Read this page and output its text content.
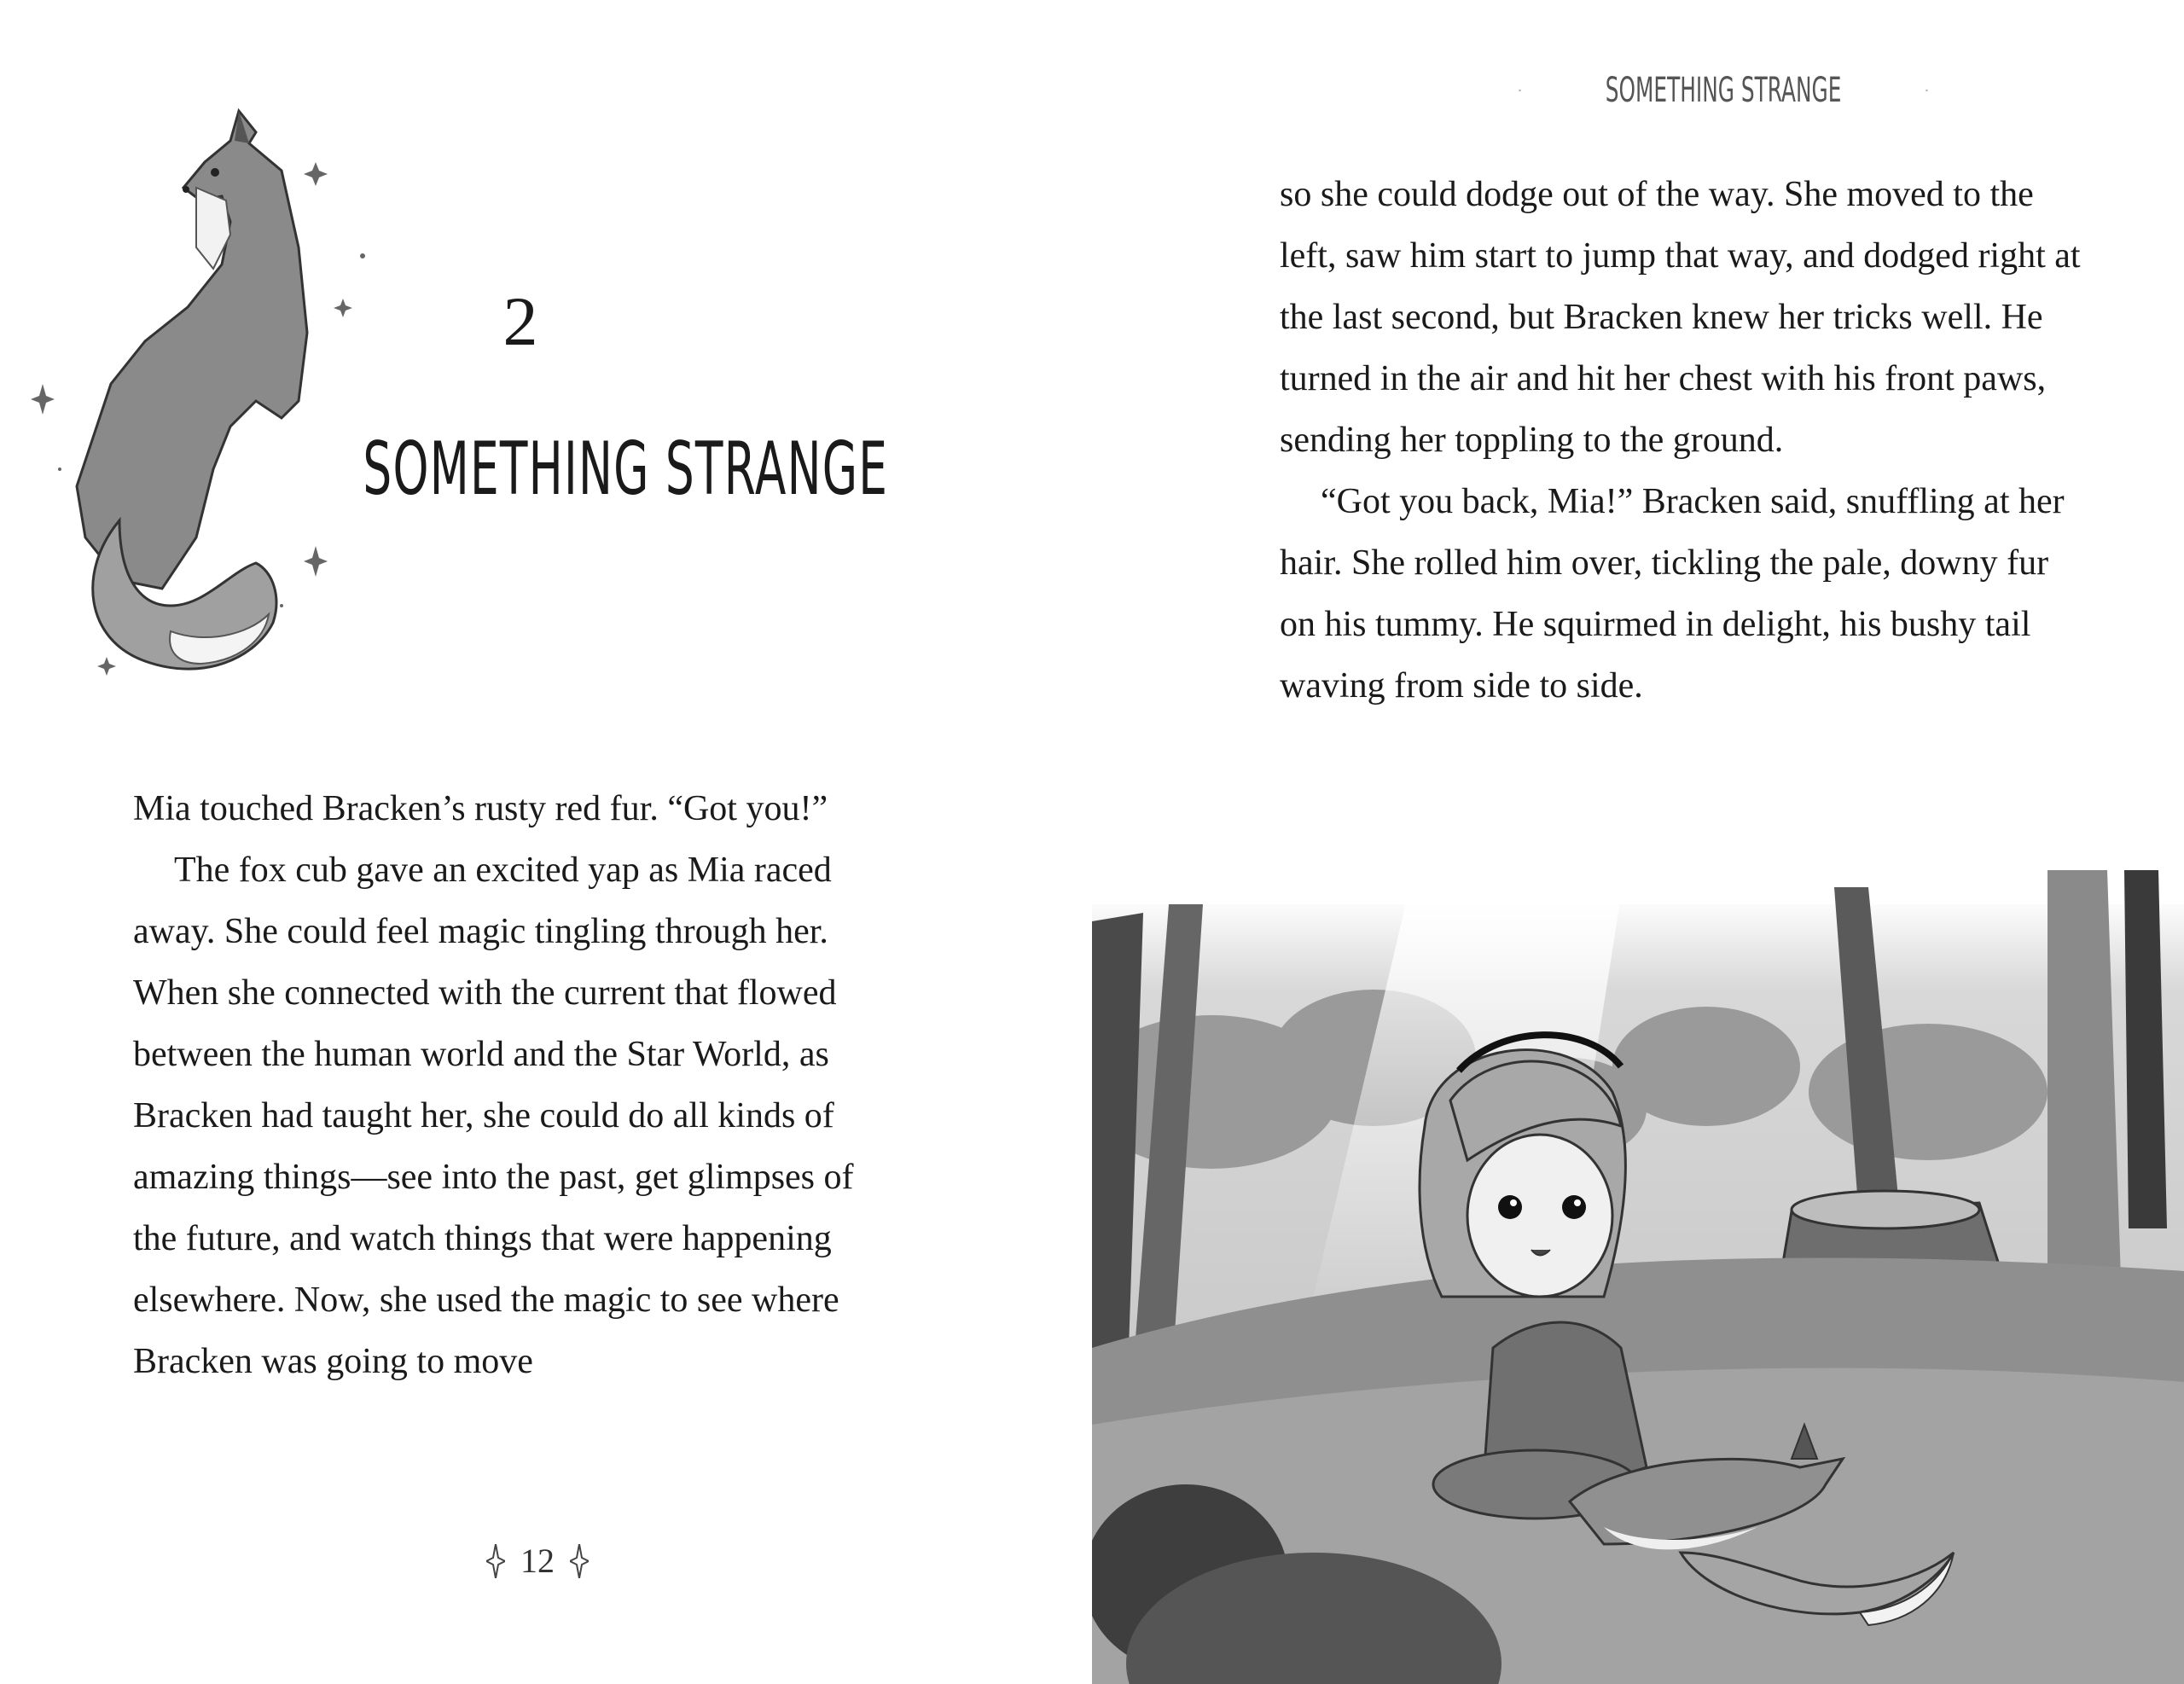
2
SOMETHING STRANGE

Mia touched Bracken’s rusty red fur. “Got you!”

The fox cub gave an excited yap as Mia raced away. She could feel magic tingling through her. When she connected with the current that flowed between the human world and the Star World, as Bracken had taught her, she could do all kinds of amazing things—see into the past, get glimpses of the future, and watch things that were happening elsewhere. Now, she used the magic to see where Bracken was going to move

12
SOMETHING STRANGE

so she could dodge out of the way. She moved to the left, saw him start to jump that way, and dodged right at the last second, but Bracken knew her tricks well. He turned in the air and hit her chest with his front paws, sending her toppling to the ground.

“Got you back, Mia!” Bracken said, snuffling at her hair. She rolled him over, tickling the pale, downy fur on his tummy. He squirmed in delight, his bushy tail waving from side to side.
